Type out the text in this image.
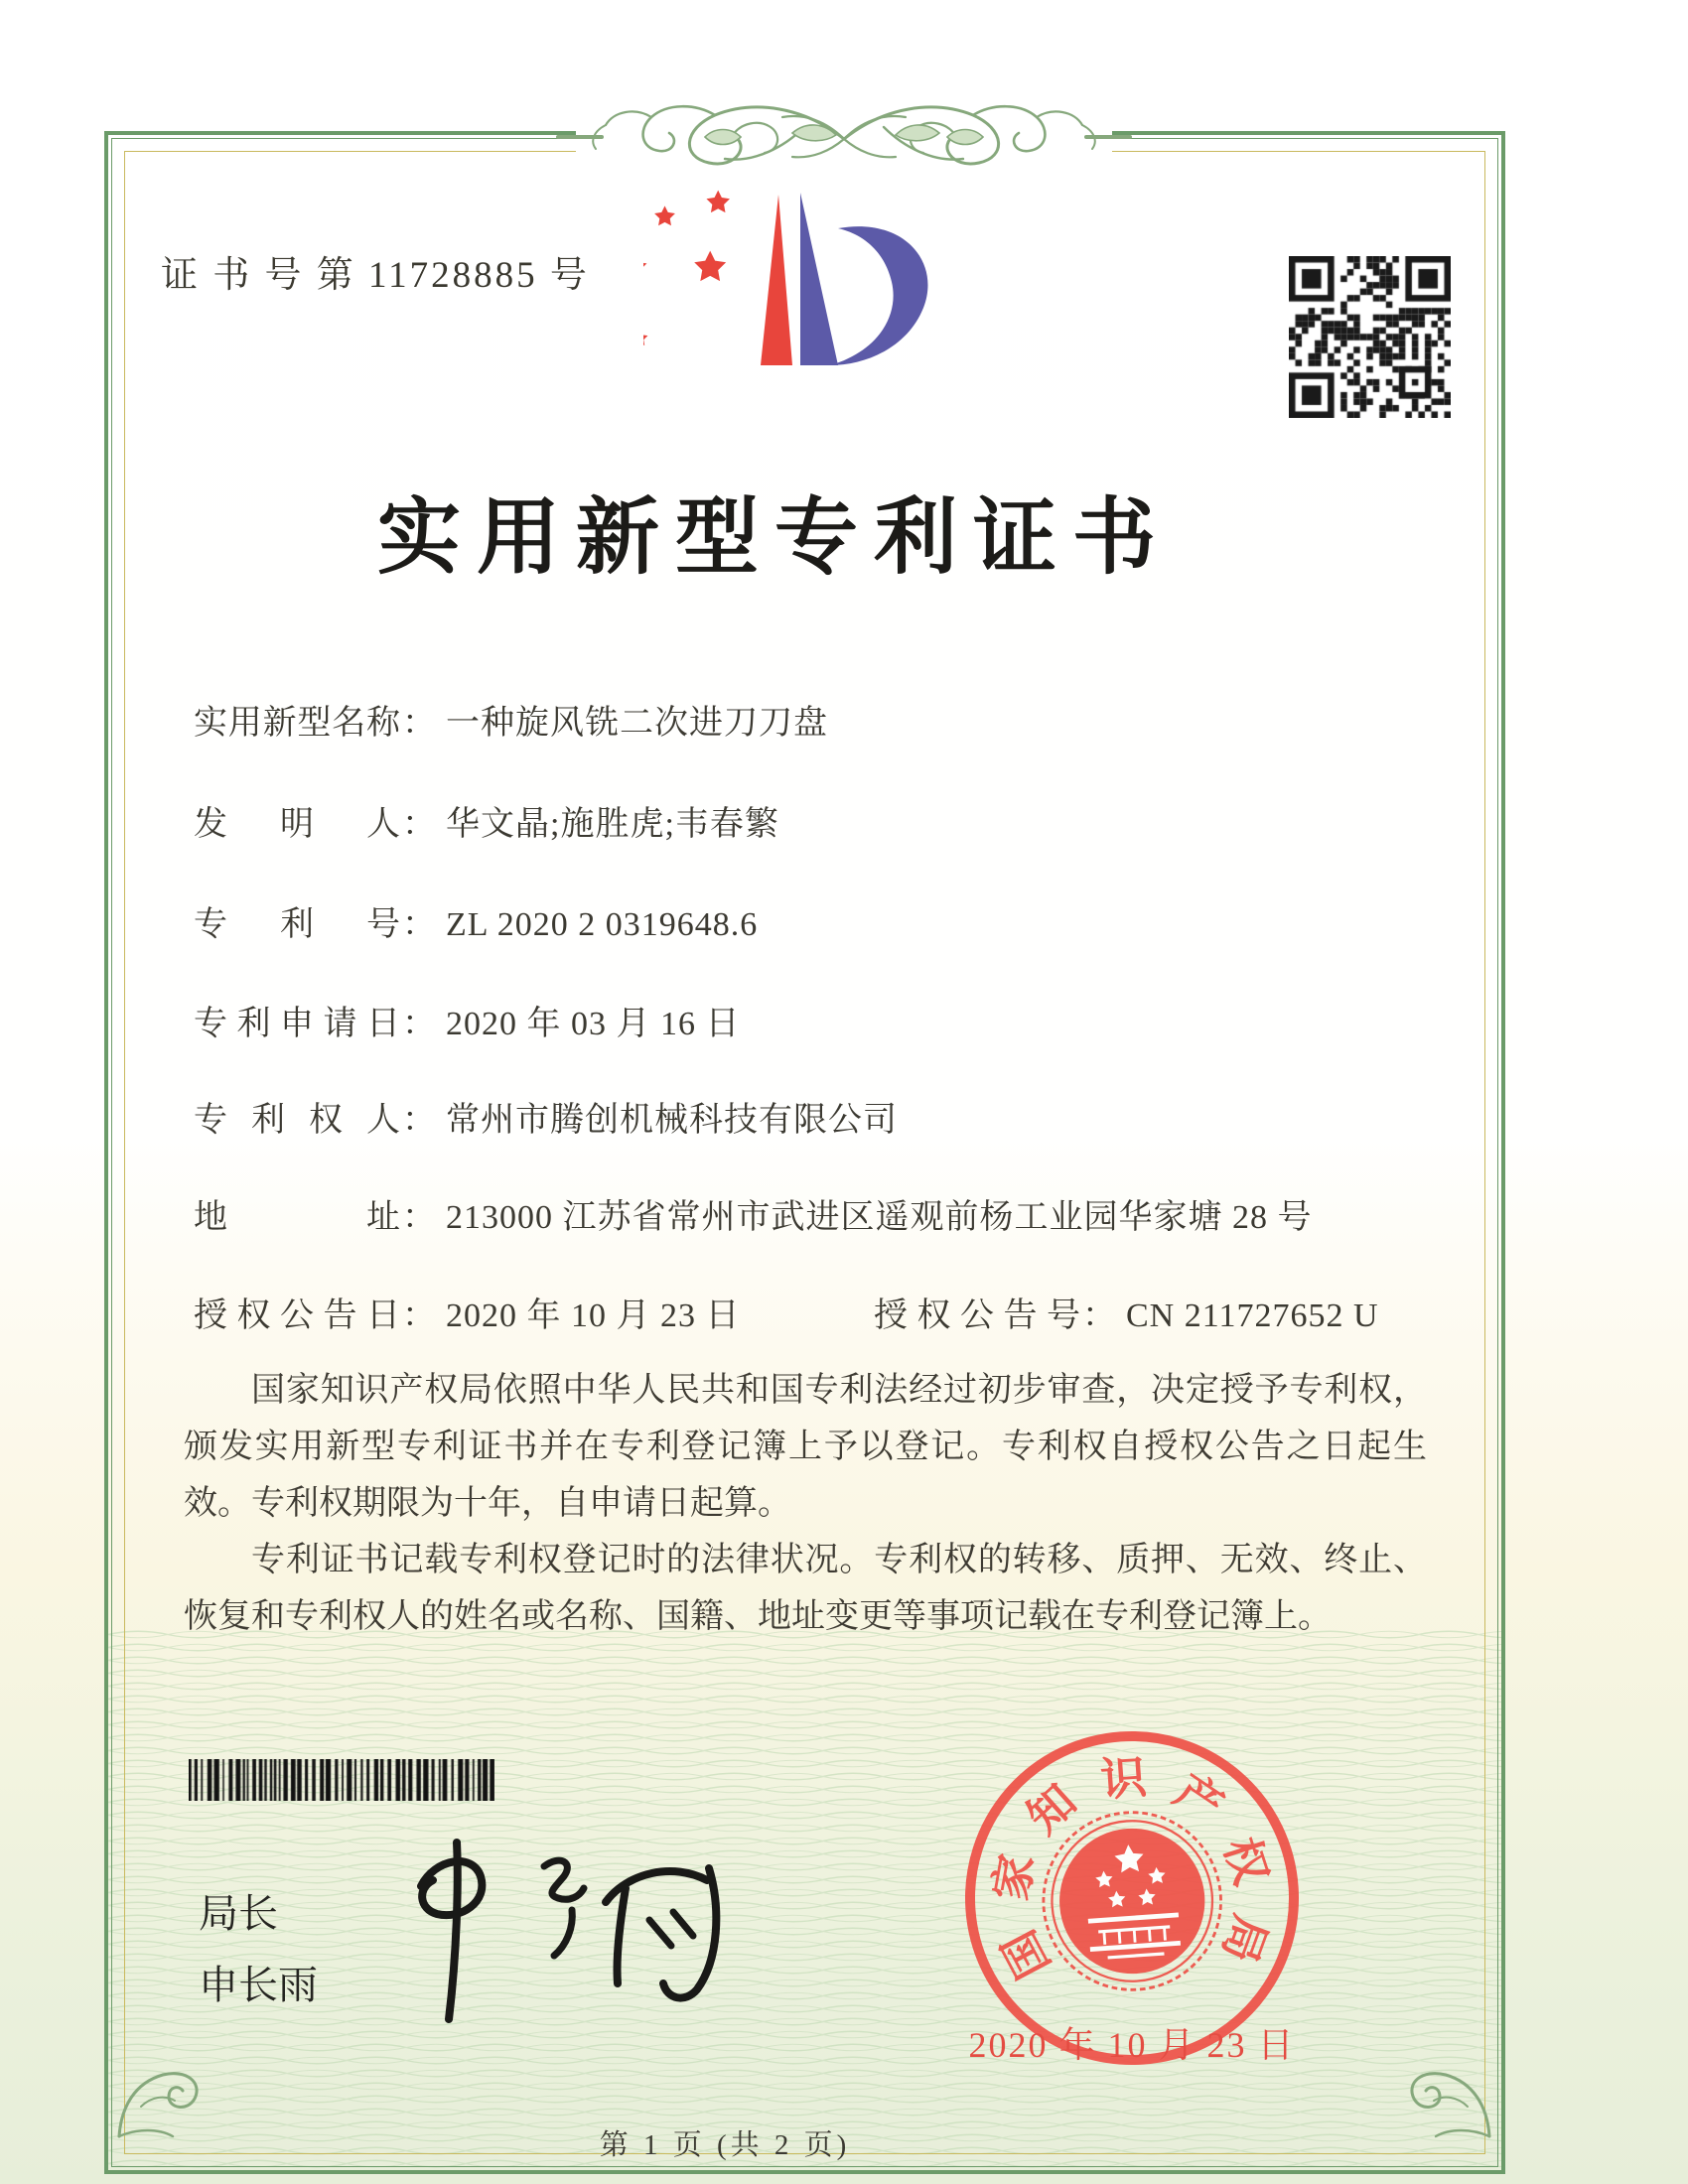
证 书 号 第 11728885 号
实用新型专利证书
实用新型名称： 一种旋风铣二次进刀刀盘
发明人： 华文晶;施胜虎;韦春繁
专利号： ZL 2020 2 0319648.6
专利申请日： 2020 年 03 月 16 日
专利权人： 常州市腾创机械科技有限公司
地址： 213000 江苏省常州市武进区遥观前杨工业园华家塘 28 号
授权公告日： 2020 年 10 月 23 日	授权公告号： CN 211727652 U

国家知识产权局依照中华人民共和国专利法经过初步审查，决定授予专利权，颁发实用新型专利证书并在专利登记簿上予以登记。专利权自授权公告之日起生效。专利权期限为十年，自申请日起算。

专利证书记载专利权登记时的法律状况。专利权的转移、质押、无效、终止、恢复和专利权人的姓名或名称、国籍、地址变更等事项记载在专利登记簿上。

局长
申长雨	国
家
知 识 产
权
局
2020 年 10 月 23 日
第 1 页 (共 2 页)
